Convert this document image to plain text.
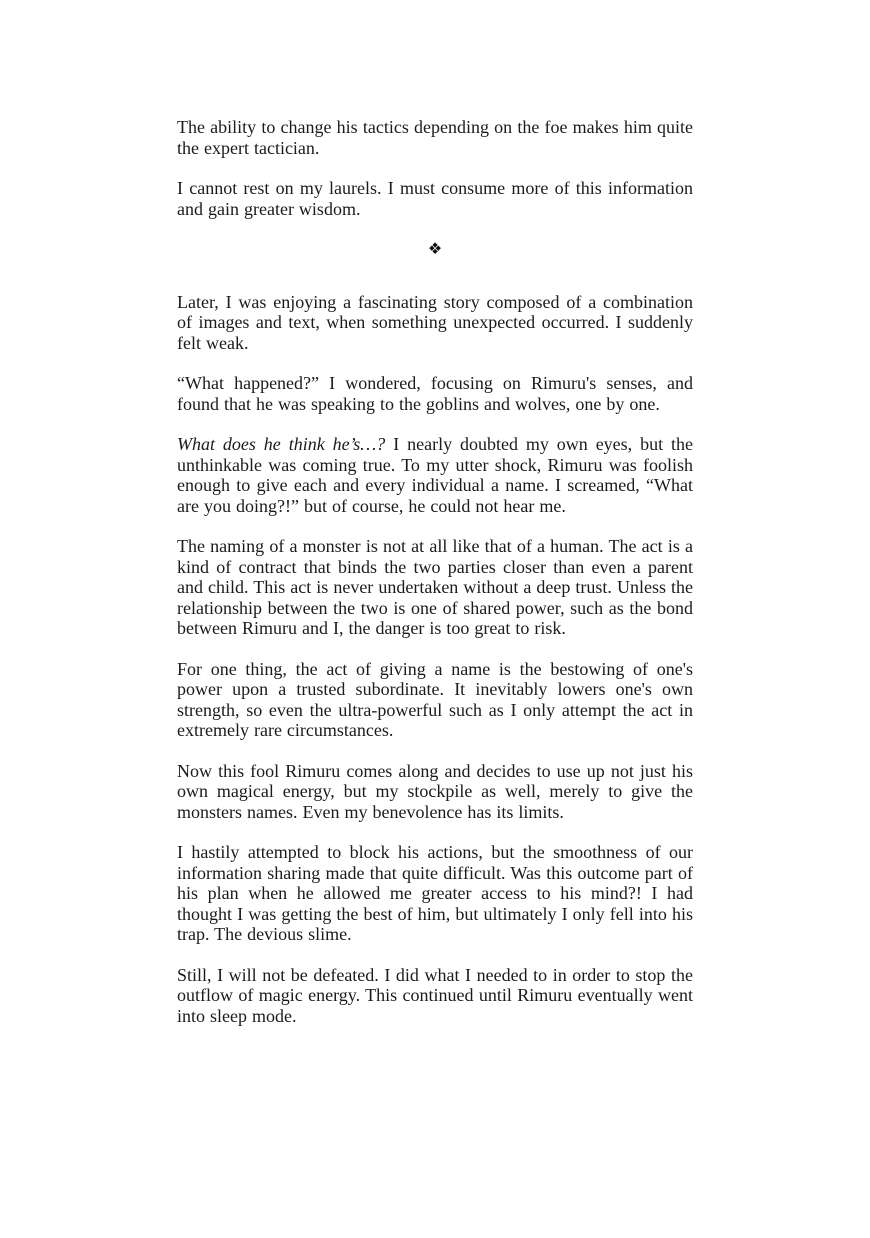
The ability to change his tactics depending on the foe makes him quite the expert tactician.

I cannot rest on my laurels. I must consume more of this information and gain greater wisdom.

❖

Later, I was enjoying a fascinating story composed of a combination of images and text, when something unexpected occurred. I suddenly felt weak.

“What happened?” I wondered, focusing on Rimuru's senses, and found that he was speaking to the goblins and wolves, one by one.

What does he think he’s…? I nearly doubted my own eyes, but the unthinkable was coming true. To my utter shock, Rimuru was foolish enough to give each and every individual a name. I screamed, “What are you doing?!” but of course, he could not hear me.

The naming of a monster is not at all like that of a human. The act is a kind of contract that binds the two parties closer than even a parent and child. This act is never undertaken without a deep trust. Unless the relationship between the two is one of shared power, such as the bond between Rimuru and I, the danger is too great to risk.

For one thing, the act of giving a name is the bestowing of one's power upon a trusted subordinate. It inevitably lowers one's own strength, so even the ultra-powerful such as I only attempt the act in extremely rare circumstances.

Now this fool Rimuru comes along and decides to use up not just his own magical energy, but my stockpile as well, merely to give the monsters names. Even my benevolence has its limits.

I hastily attempted to block his actions, but the smoothness of our information sharing made that quite difficult. Was this outcome part of his plan when he allowed me greater access to his mind?! I had thought I was getting the best of him, but ultimately I only fell into his trap. The devious slime.

Still, I will not be defeated. I did what I needed to in order to stop the outflow of magic energy. This continued until Rimuru eventually went into sleep mode.
